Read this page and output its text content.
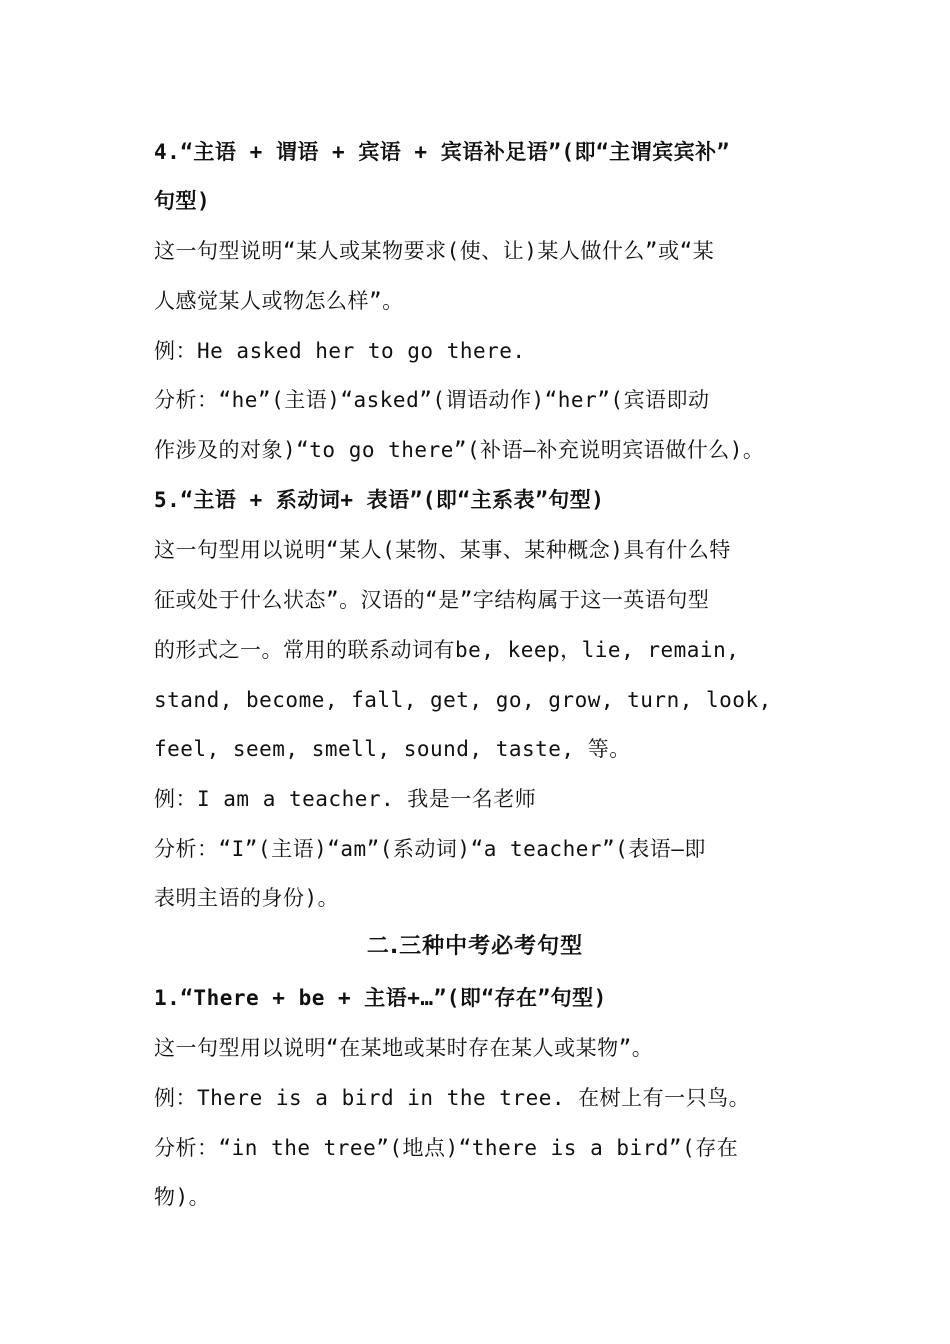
4.“主语 + 谓语 + 宾语 + 宾语补足语”(即“主谓宾宾补”
句型)
这一句型说明“某人或某物要求(使、让)某人做什么”或“某
人感觉某人或物怎么样”。
例：He asked her to go there.
分析：“he”(主语)“asked”(谓语动作)“her”(宾语即动
作涉及的对象)“to go there”(补语—补充说明宾语做什么)。
5.“主语 + 系动词+ 表语”(即“主系表”句型)
这一句型用以说明“某人(某物、某事、某种概念)具有什么特
征或处于什么状态”。汉语的“是”字结构属于这一英语句型
的形式之一。常用的联系动词有be, keep，lie, remain,
stand, become, fall, get, go, grow, turn, look,
feel, seem, smell, sound, taste, 等。
例：I am a teacher. 我是一名老师
分析：“I”(主语)“am”(系动词)“a teacher”(表语—即
表明主语的身份)。
二.三种中考必考句型
1.“There + be + 主语+…”(即“存在”句型)
这一句型用以说明“在某地或某时存在某人或某物”。
例：There is a bird in the tree. 在树上有一只鸟。
分析：“in the tree”(地点)“there is a bird”(存在
物)。
